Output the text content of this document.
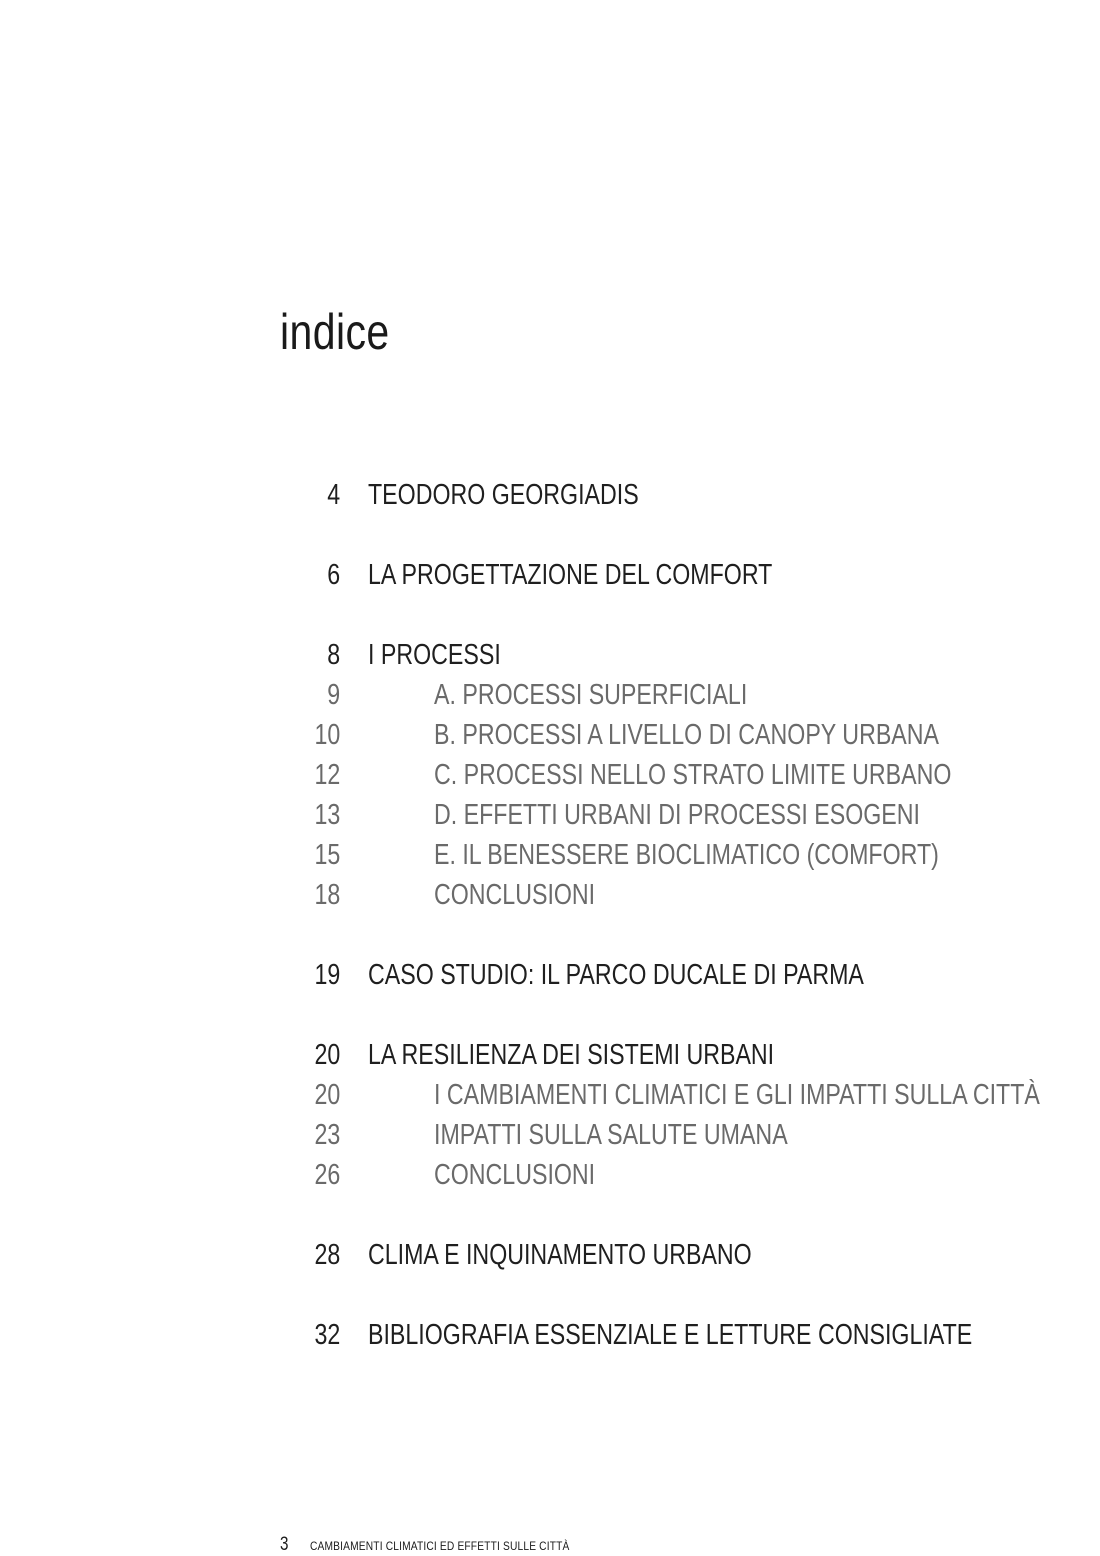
indice
4 TEODORO GEORGIADIS
6 LA PROGETTAZIONE DEL COMFORT
8 I PROCESSI
9	A. PROCESSI SUPERFICIALI
10	B. PROCESSI A LIVELLO DI CANOPY URBANA
12	C. PROCESSI NELLO STRATO LIMITE URBANO
13	D. EFFETTI URBANI DI PROCESSI ESOGENI
15	E. IL BENESSERE BIOCLIMATICO (COMFORT)
18	CONCLUSIONI
19 CASO STUDIO: IL PARCO DUCALE DI PARMA
20 LA RESILIENZA DEI SISTEMI URBANI
20	I CAMBIAMENTI CLIMATICI E GLI IMPATTI SULLA CITTÀ
23	IMPATTI SULLA SALUTE UMANA
26	CONCLUSIONI
28 CLIMA E INQUINAMENTO URBANO
32 BIBLIOGRAFIA ESSENZIALE E LETTURE CONSIGLIATE
3 CAMBIAMENTI CLIMATICI ED EFFETTI SULLE CITTÀ
